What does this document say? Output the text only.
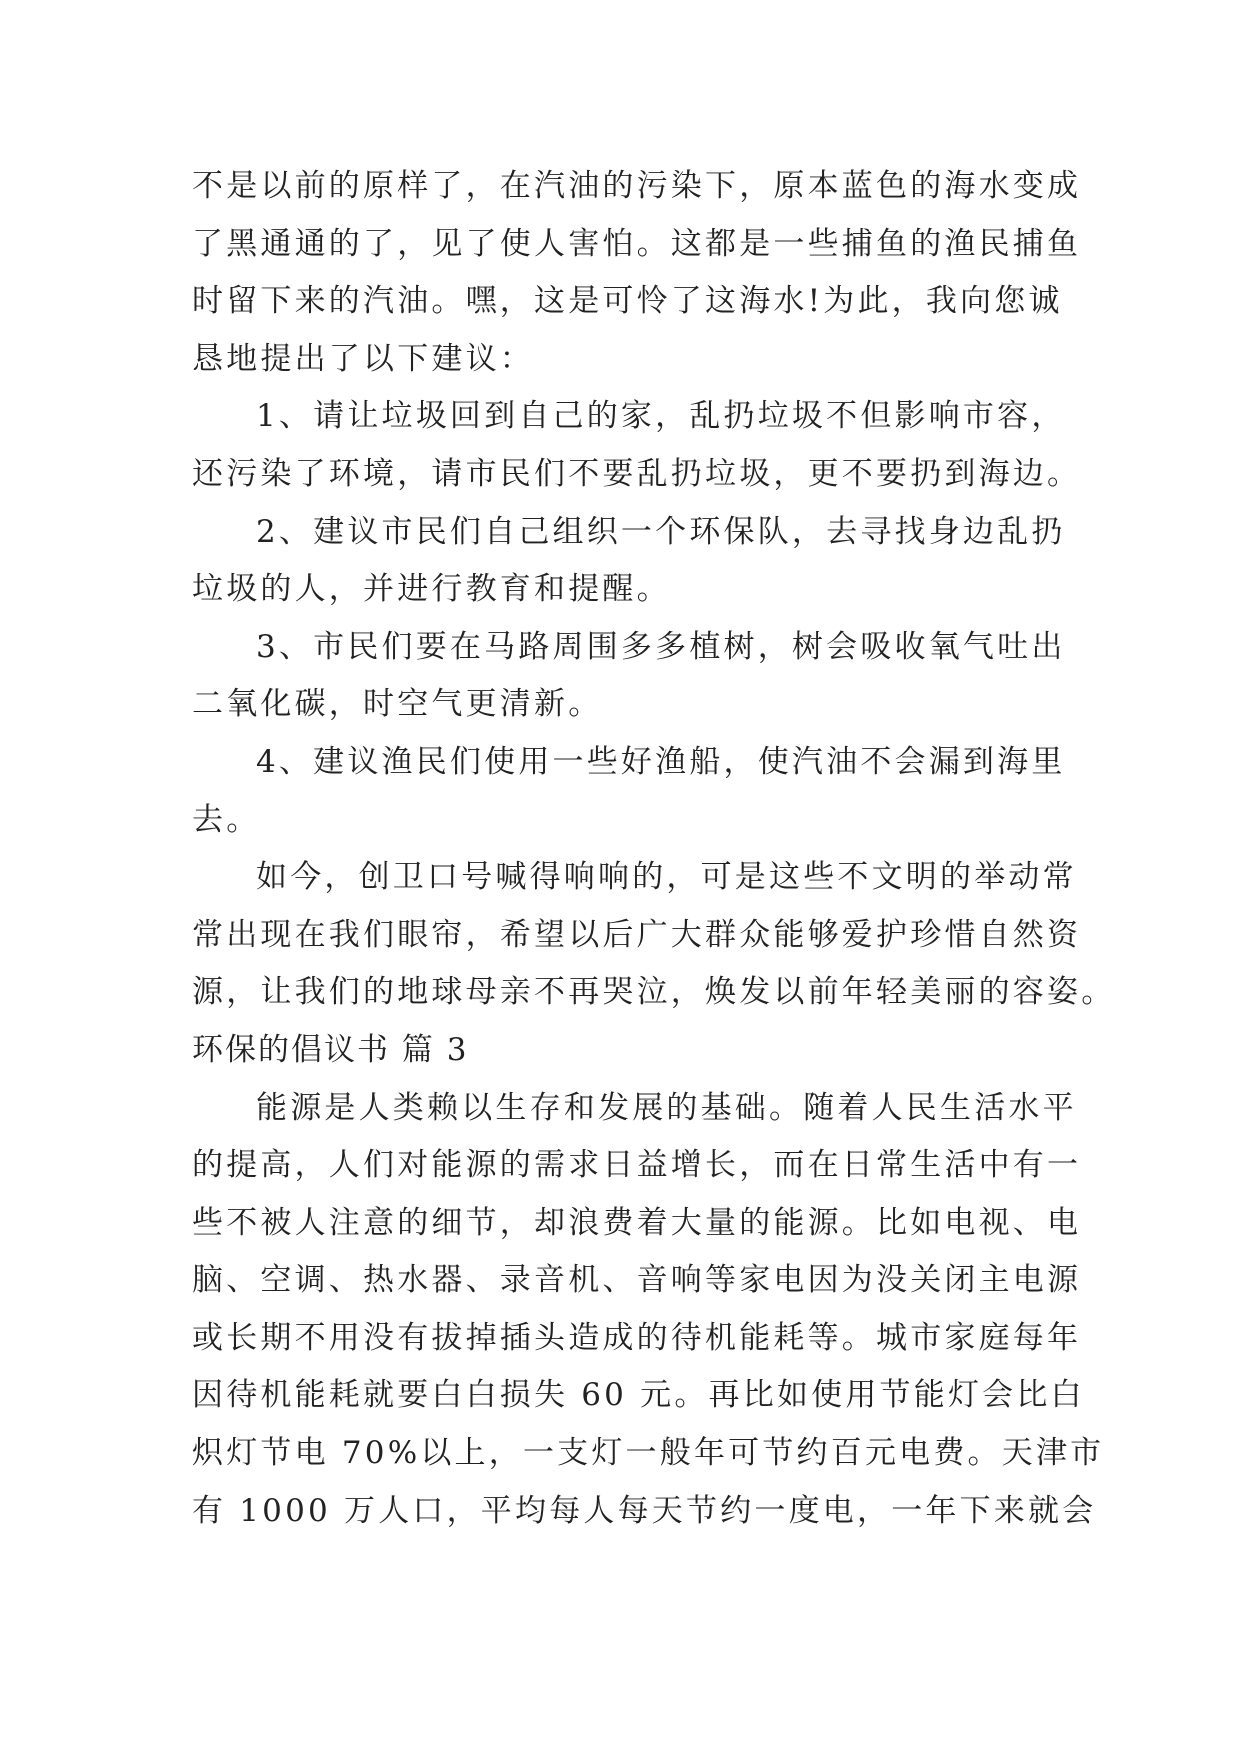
不是以前的原样了，在汽油的污染下，原本蓝色的海水变成
了黑通通的了，见了使人害怕。这都是一些捕鱼的渔民捕鱼
时留下来的汽油。嘿，这是可怜了这海水!为此，我向您诚
恳地提出了以下建议：
1、请让垃圾回到自己的家，乱扔垃圾不但影响市容，
还污染了环境，请市民们不要乱扔垃圾，更不要扔到海边。
2、建议市民们自己组织一个环保队，去寻找身边乱扔
垃圾的人，并进行教育和提醒。
3、市民们要在马路周围多多植树，树会吸收氧气吐出
二氧化碳，时空气更清新。
4、建议渔民们使用一些好渔船，使汽油不会漏到海里
去。
如今，创卫口号喊得响响的，可是这些不文明的举动常
常出现在我们眼帘，希望以后广大群众能够爱护珍惜自然资
源，让我们的地球母亲不再哭泣，焕发以前年轻美丽的容姿。
环保的倡议书 篇 3
能源是人类赖以生存和发展的基础。随着人民生活水平
的提高，人们对能源的需求日益增长，而在日常生活中有一
些不被人注意的细节，却浪费着大量的能源。比如电视、电
脑、空调、热水器、录音机、音响等家电因为没关闭主电源
或长期不用没有拔掉插头造成的待机能耗等。城市家庭每年
因待机能耗就要白白损失 60 元。再比如使用节能灯会比白
炽灯节电 70%以上，一支灯一般年可节约百元电费。天津市
有 1000 万人口，平均每人每天节约一度电，一年下来就会
